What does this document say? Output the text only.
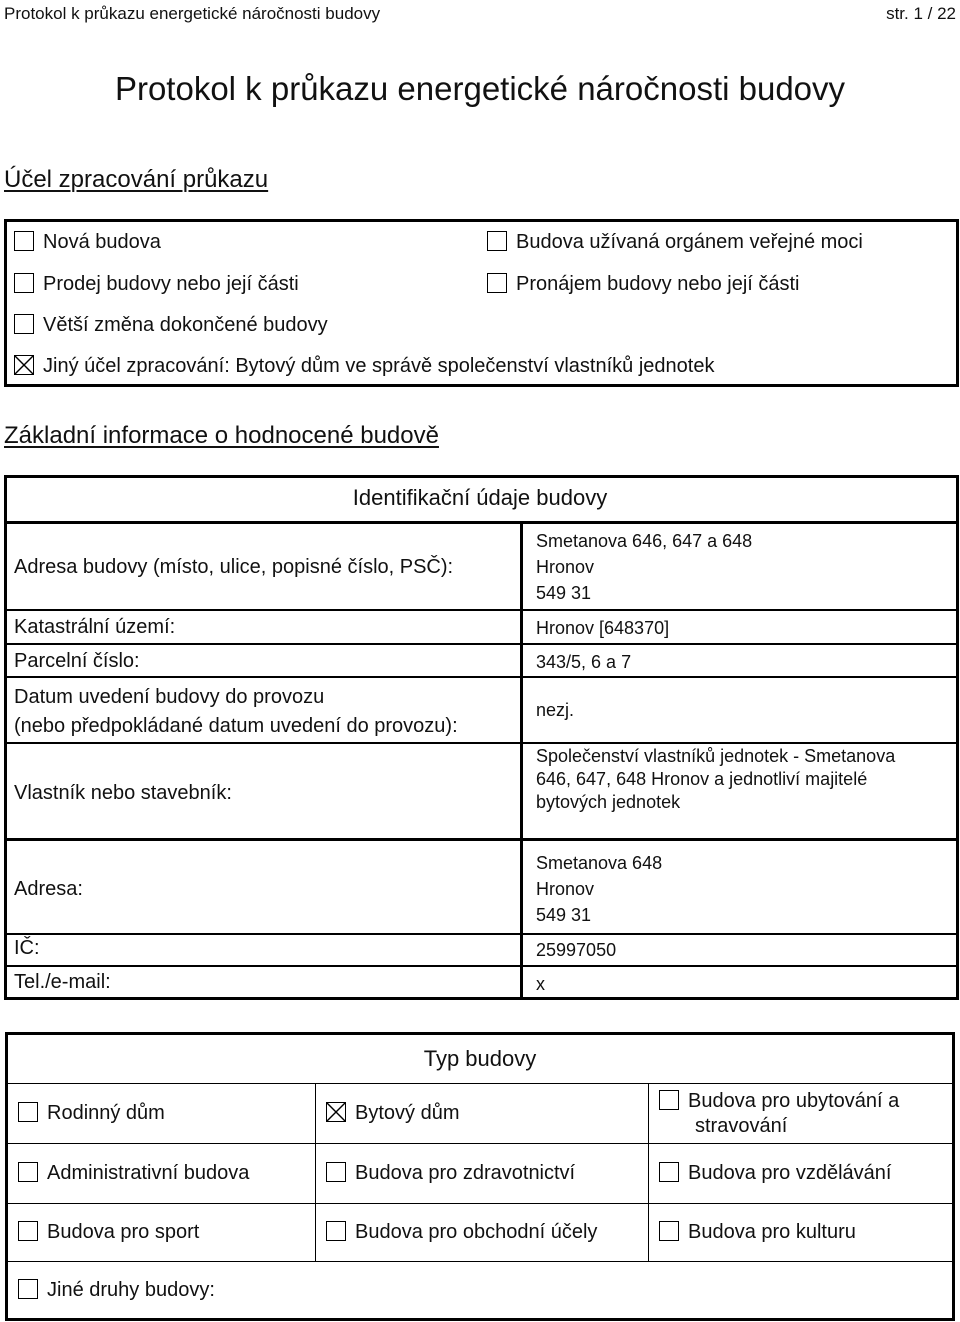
Protokol k průkazu energetické náročnosti budovy	str. 1 / 22
Protokol k průkazu energetické náročnosti budovy
Účel zpracování průkazu
Nová budova	Budova užívaná orgánem veřejné moci
Prodej budovy nebo její části	Pronájem budovy nebo její části
Větší změna dokončené budovy
Jiný účel zpracování: Bytový dům ve správě společenství vlastníků jednotek
Základní informace o hodnocené budově
Identifikační údaje budovy
Adresa budovy (místo, ulice, popisné číslo, PSČ):
Smetanova 646, 647 a 648
Hronov
549 31
Katastrální území:	Hronov [648370]
Parcelní číslo:	343/5, 6 a 7
Datum uvedení budovy do provozu
(nebo předpokládané datum uvedení do provozu):
nezj.
Vlastník nebo stavebník:
Společenství vlastníků jednotek - Smetanova
646, 647, 648 Hronov a jednotliví majitelé
bytových jednotek
Adresa:
Smetanova 648
Hronov
549 31
IČ:	25997050
Tel./e-mail:	x
Typ budovy		
Rodinný dům	Bytový dům	Budova pro ubytování a
stravování
Administrativní budova	Budova pro zdravotnictví	Budova pro vzdělávání
Budova pro sport	Budova pro obchodní účely	Budova pro kulturu
Jiné druhy budovy:		
